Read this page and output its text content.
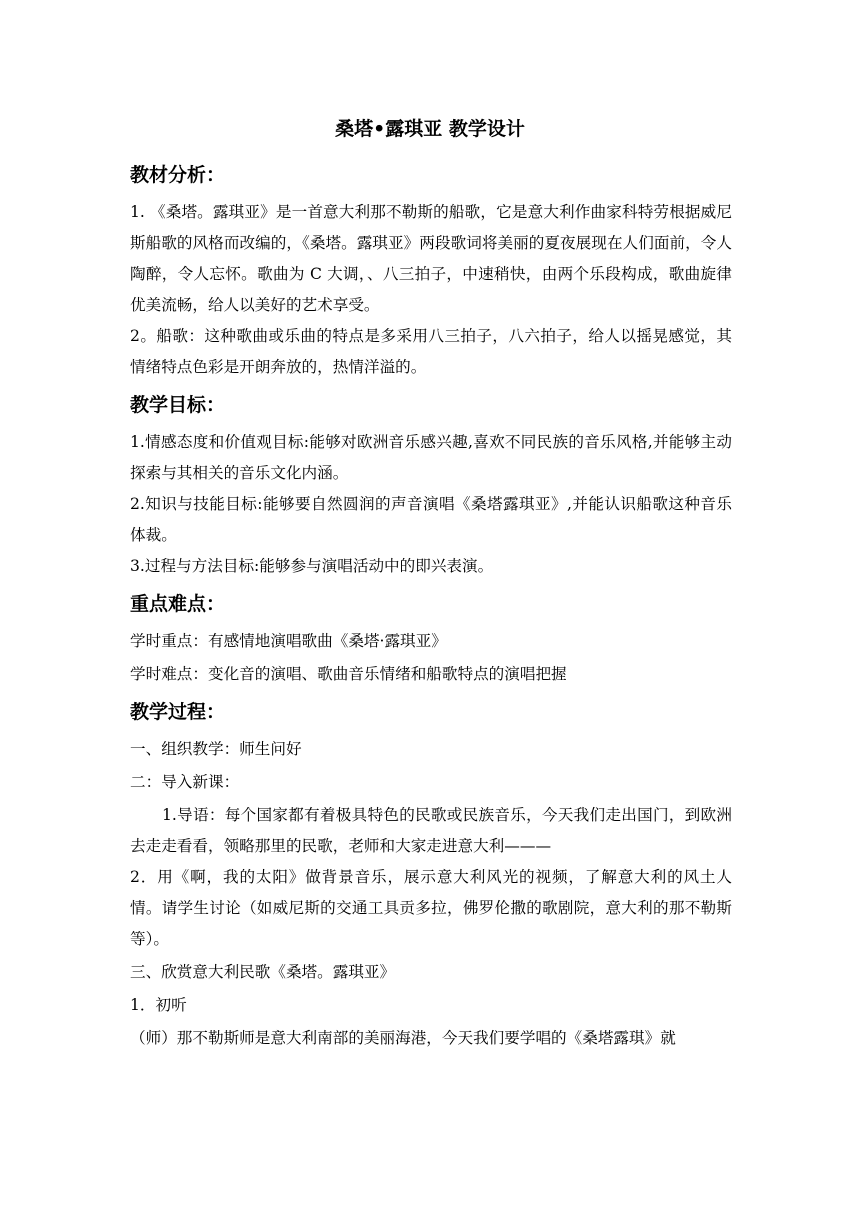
桑塔•露琪亚 教学设计
教材分析：

1. 《桑塔。露琪亚》是一首意大利那不勒斯的船歌，它是意大利作曲家科特劳根据威尼斯船歌的风格而改编的，《桑塔。露琪亚》两段歌词将美丽的夏夜展现在人们面前，令人陶醉，令人忘怀。歌曲为 C 大调，、八三拍子，中速稍快，由两个乐段构成，歌曲旋律优美流畅，给人以美好的艺术享受。

2。船歌：这种歌曲或乐曲的特点是多采用八三拍子，八六拍子，给人以摇晃感觉，其情绪特点色彩是开朗奔放的，热情洋溢的。

教学目标：

1.情感态度和价值观目标:能够对欧洲音乐感兴趣,喜欢不同民族的音乐风格,并能够主动探索与其相关的音乐文化内涵。

2.知识与技能目标:能够要自然圆润的声音演唱《桑塔露琪亚》,并能认识船歌这种音乐体裁。

3.过程与方法目标:能够参与演唱活动中的即兴表演。

重点难点：

学时重点：有感情地演唱歌曲《桑塔·露琪亚》

学时难点：变化音的演唱、歌曲音乐情绪和船歌特点的演唱把握

教学过程：

一、组织教学：师生问好

二：导入新课：

1.导语：每个国家都有着极具特色的民歌或民族音乐，今天我们走出国门，到欧洲去走走看看，领略那里的民歌，老师和大家走进意大利———

2．用《啊，我的太阳》做背景音乐，展示意大利风光的视频，了解意大利的风土人情。请学生讨论（如威尼斯的交通工具贡多拉，佛罗伦撒的歌剧院，意大利的那不勒斯等）。

三、欣赏意大利民歌《桑塔。露琪亚》

1．初听

（师）那不勒斯师是意大利南部的美丽海港，今天我们要学唱的《桑塔露琪》就
